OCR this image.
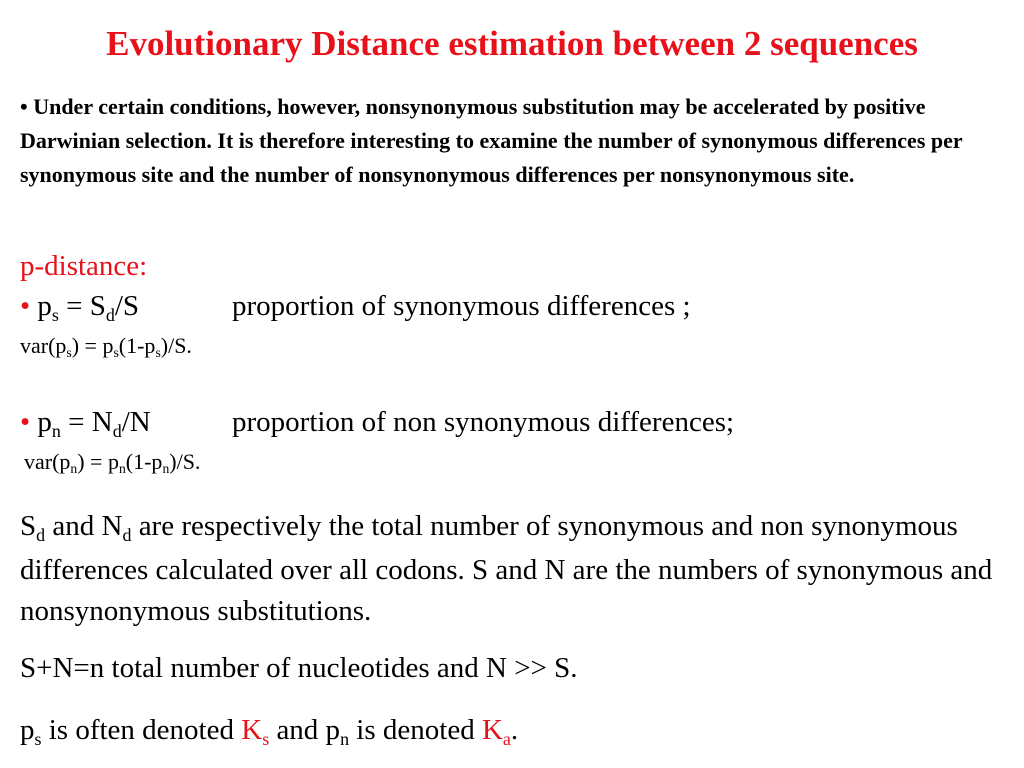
Evolutionary Distance estimation between 2 sequences
• Under certain conditions, however, nonsynonymous substitution may be accelerated by positive Darwinian selection. It is therefore interesting to examine the number of synonymous differences per synonymous site and the number of nonsynonymous differences per nonsynonymous site.
p-distance:
• $p_s = S_d/S$	proportion of synonymous differences ;
$var(p_s) = p_s(1-p_s)/S$.
• $p_n = N_d/N$	proportion of non synonymous differences;
$var(p_n) = p_n(1-p_n)/S$.
$S_d$ and $N_d$ are respectively the total number of synonymous and non synonymous differences calculated over all codons. S and N are the numbers of synonymous and nonsynonymous substitutions.
S+N=n total number of nucleotides and N >> S.
$p_s$ is often denoted $K_s$ and $p_n$ is denoted $K_a$.
